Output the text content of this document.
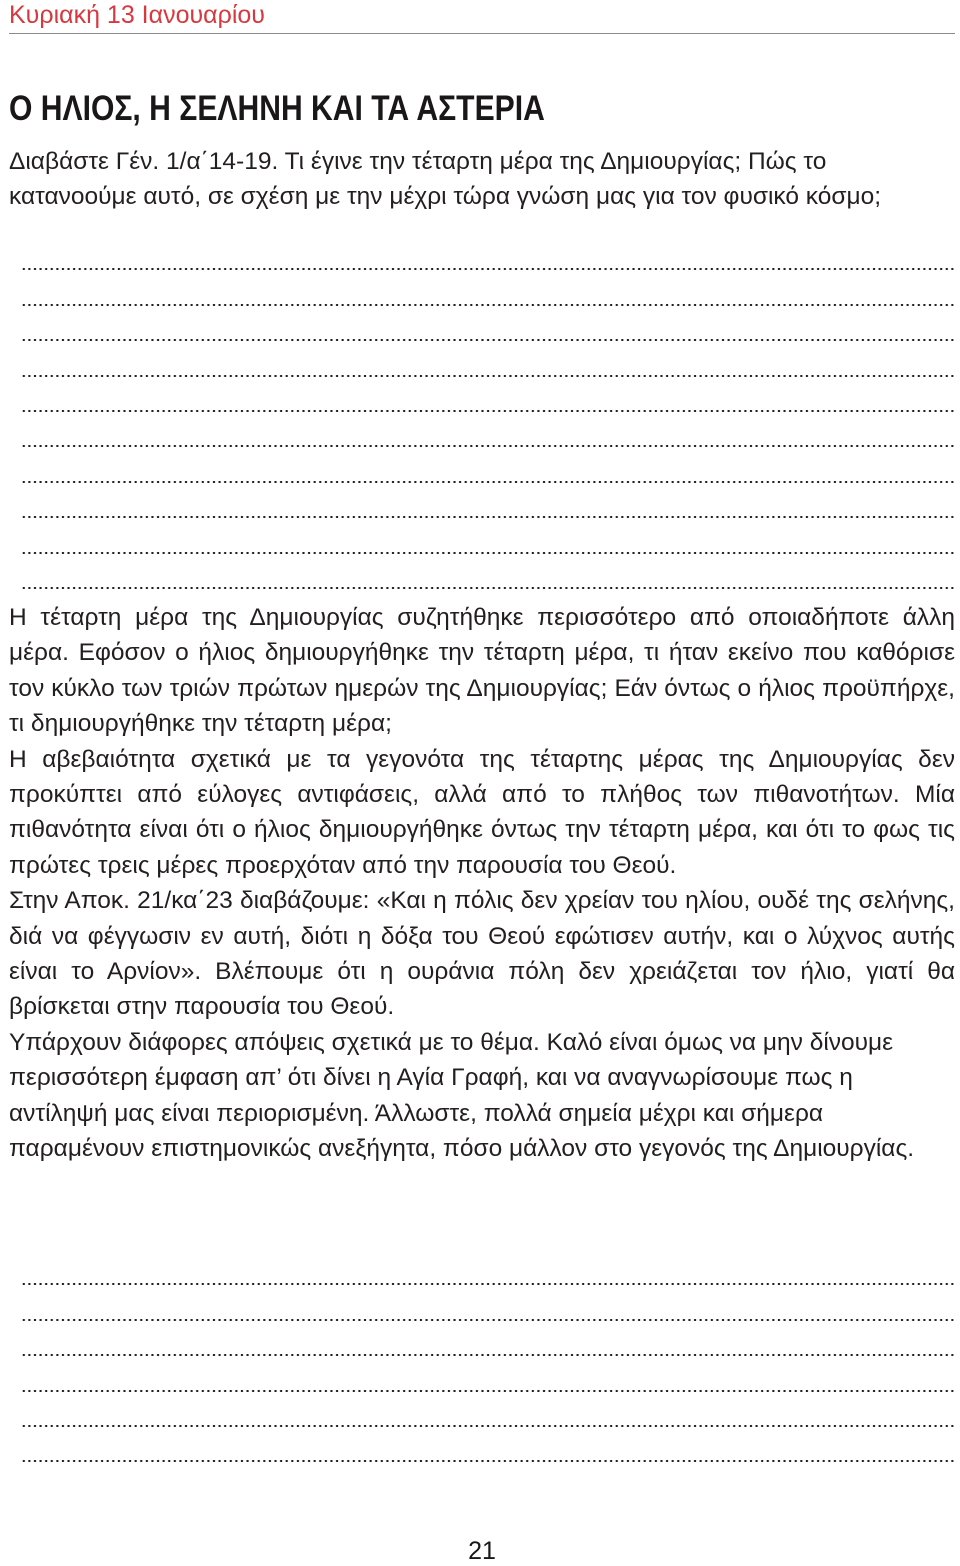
Κυριακή 13 Ιανουαρίου
Ο ΗΛΙΟΣ, Η ΣΕΛΗΝΗ ΚΑΙ ΤΑ ΑΣΤΕΡΙΑ

Διαβάστε Γέν. 1/α΄14-19. Τι έγινε την τέταρτη μέρα της Δημιουργίας; Πώς το κατανοούμε αυτό, σε σχέση με την μέχρι τώρα γνώση μας για τον φυσικό κόσμο;

Η τέταρτη μέρα της Δημιουργίας συζητήθηκε περισσότερο από οποιαδήποτε άλλη μέρα. Εφόσον ο ήλιος δημιουργήθηκε την τέταρτη μέρα, τι ήταν εκείνο που καθόρισε τον κύκλο των τριών πρώτων ημερών της Δημιουργίας; Εάν όντως ο ήλιος προϋπήρχε, τι δημιουργήθηκε την τέταρτη μέρα;

Η αβεβαιότητα σχετικά με τα γεγονότα της τέταρτης μέρας της Δημιουργίας δεν προκύπτει από εύλογες αντιφάσεις, αλλά από το πλήθος των πιθανοτήτων. Μία πιθανότητα είναι ότι ο ήλιος δημιουργήθηκε όντως την τέταρτη μέρα, και ότι το φως τις πρώτες τρεις μέρες προερχόταν από την παρουσία του Θεού.

Στην Αποκ. 21/κα΄23 διαβάζουμε: «Και η πόλις δεν χρείαν του ηλίου, ουδέ της σελήνης, διά να φέγγωσιν εν αυτή, διότι η δόξα του Θεού εφώτισεν αυτήν, και ο λύχνος αυτής είναι το Αρνίον». Βλέπουμε ότι η ουράνια πόλη δεν χρειάζεται τον ήλιο, γιατί θα βρίσκεται στην παρουσία του Θεού.

Υπάρχουν διάφορες απόψεις σχετικά με το θέμα. Καλό είναι όμως να μην δίνουμε περισσότερη έμφαση απ’ ότι δίνει η Αγία Γραφή, και να αναγνωρίσουμε πως η αντίληψή μας είναι περιορισμένη. Άλλωστε, πολλά σημεία μέχρι και σήμερα παραμένουν επιστημονικώς ανεξήγητα, πόσο μάλλον στο γεγονός της Δημιουργίας.

21
